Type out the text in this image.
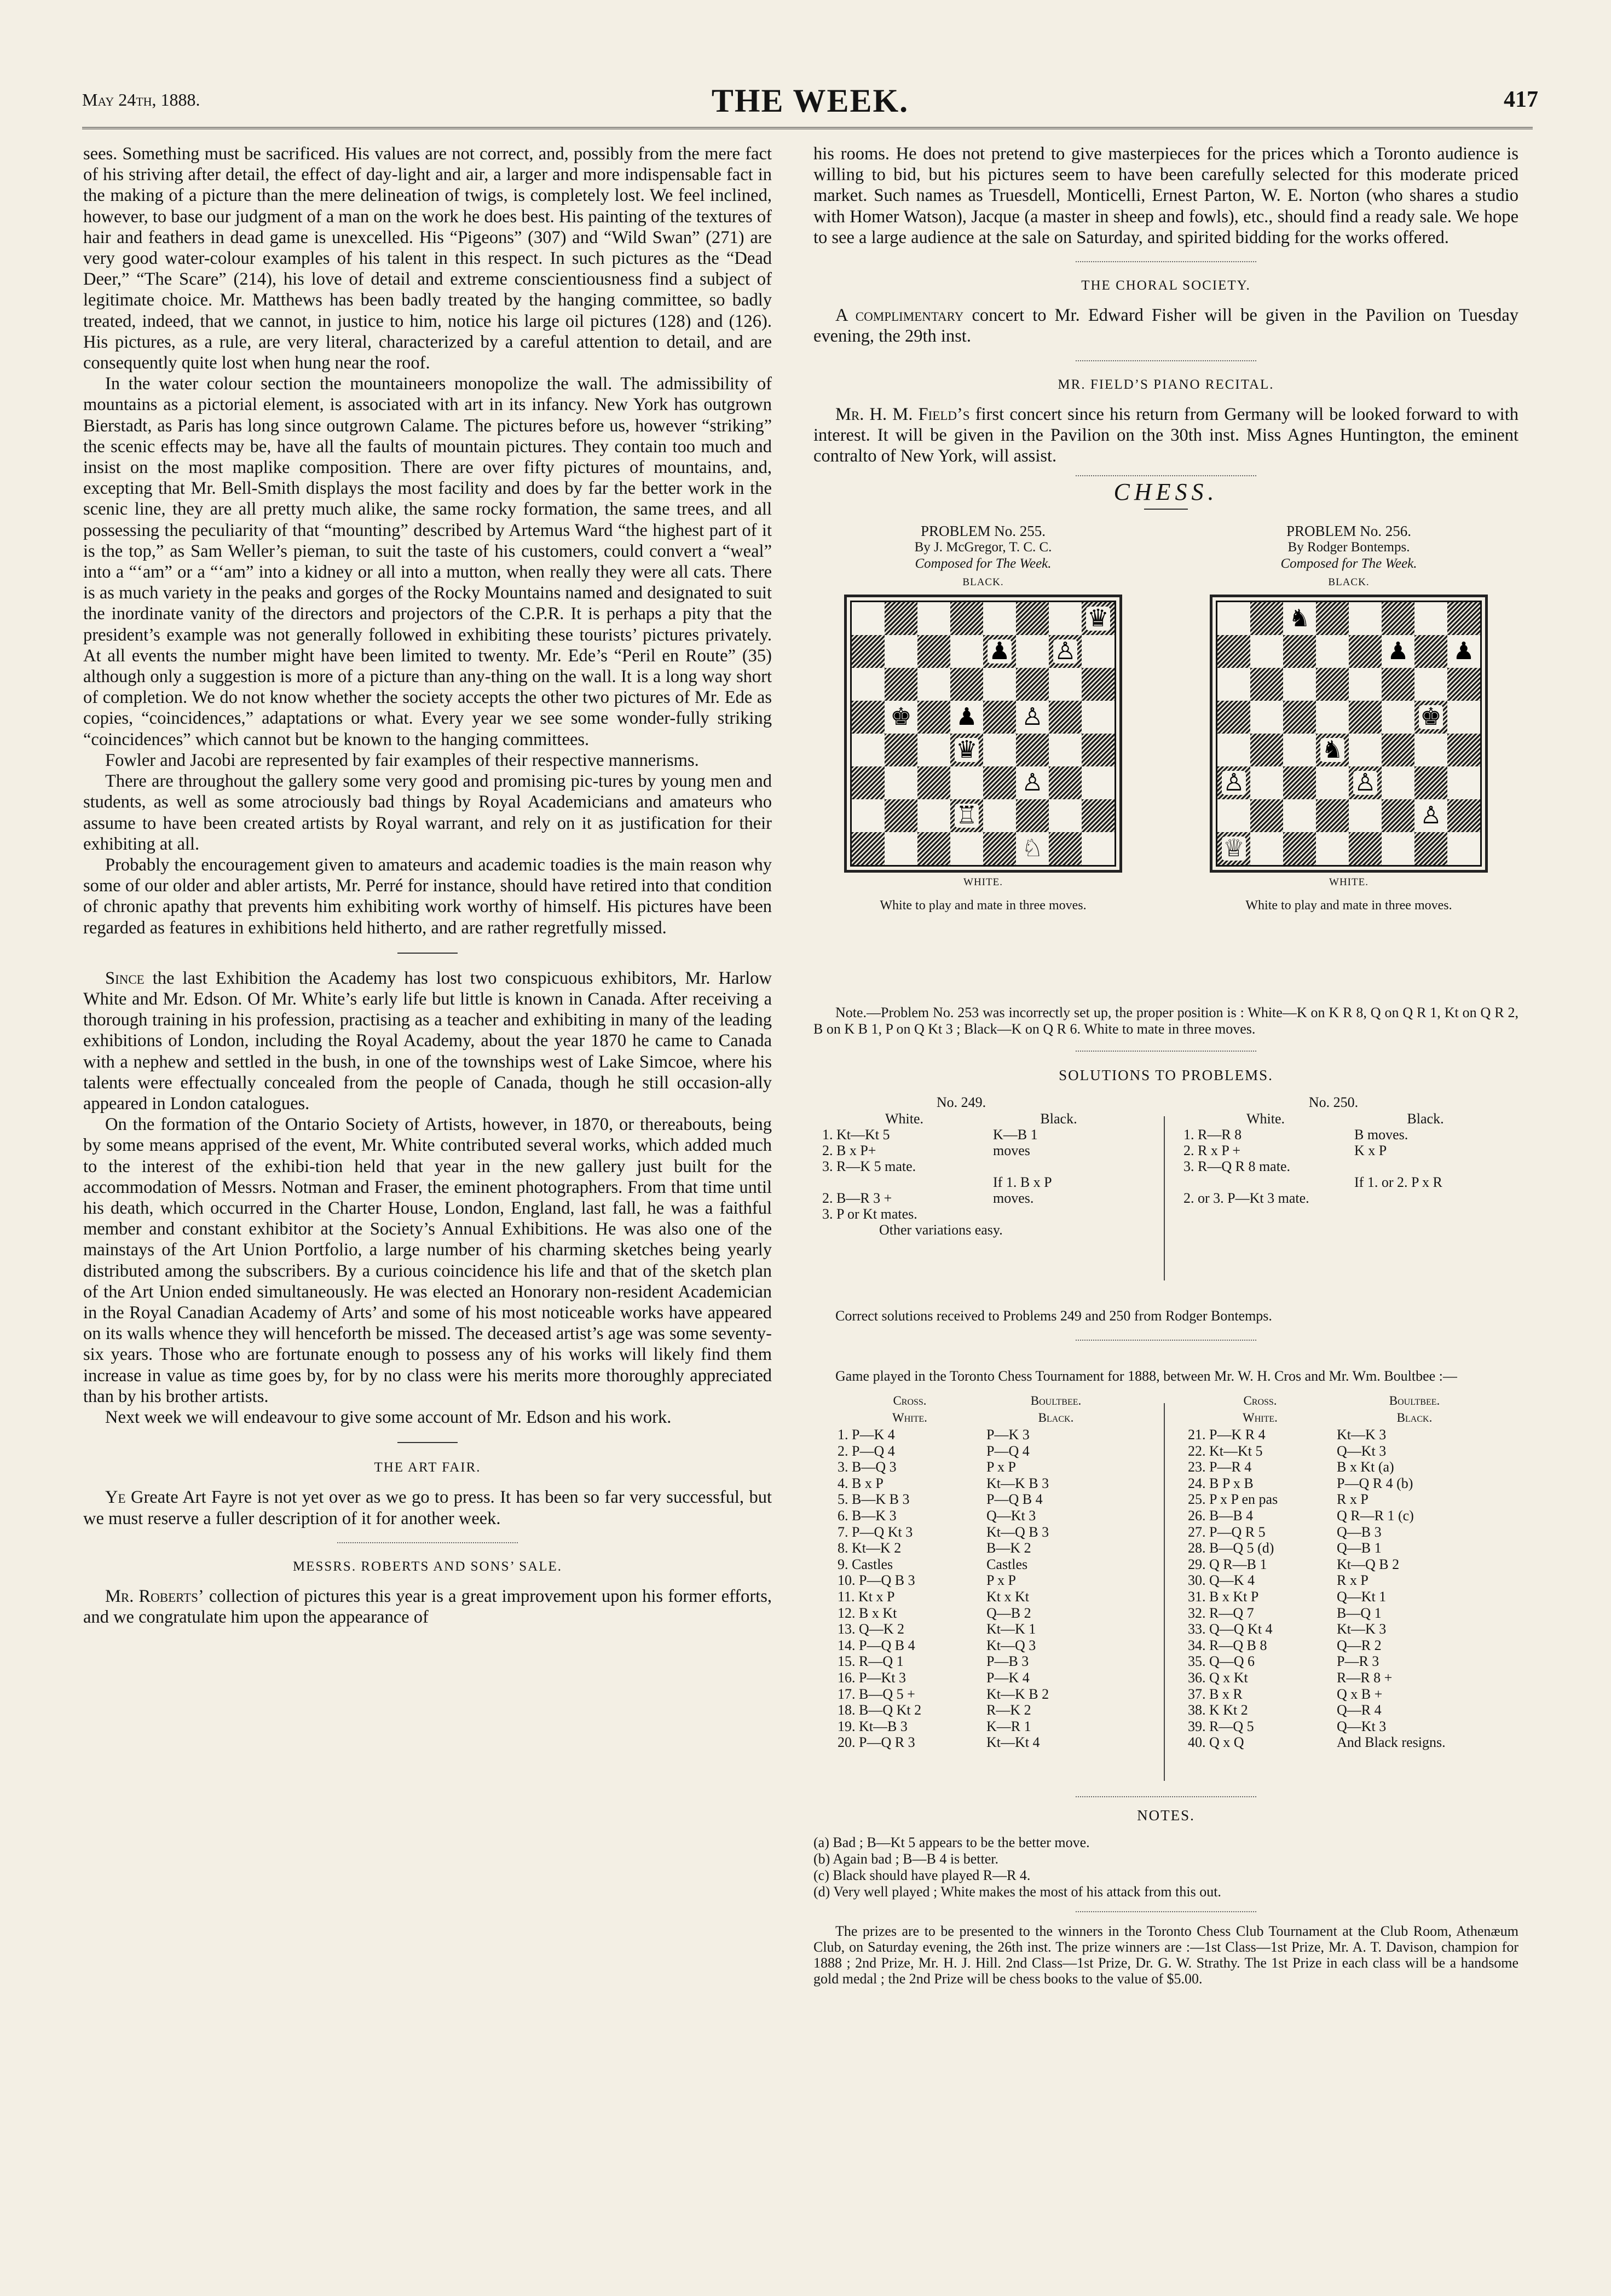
May 24th, 1888.	THE WEEK.	417

sees. Something must be sacrificed. His values are not correct, and, possibly from the mere fact of his striving after detail, the effect of day-light and air, a larger and more indispensable fact in the making of a picture than the mere delineation of twigs, is completely lost. We feel inclined, however, to base our judgment of a man on the work he does best. His painting of the textures of hair and feathers in dead game is unexcelled. His “Pigeons” (307) and “Wild Swan” (271) are very good water-colour examples of his talent in this respect. In such pictures as the “Dead Deer,” “The Scare” (214), his love of detail and extreme conscientiousness find a subject of legitimate choice. Mr. Matthews has been badly treated by the hanging committee, so badly treated, indeed, that we cannot, in justice to him, notice his large oil pictures (128) and (126). His pictures, as a rule, are very literal, characterized by a careful attention to detail, and are consequently quite lost when hung near the roof.

In the water colour section the mountaineers monopolize the wall. The admissibility of mountains as a pictorial element, is associated with art in its infancy. New York has outgrown Bierstadt, as Paris has long since outgrown Calame. The pictures before us, however “striking” the scenic effects may be, have all the faults of mountain pictures. They contain too much and insist on the most maplike composition. There are over fifty pictures of mountains, and, excepting that Mr. Bell-Smith displays the most facility and does by far the better work in the scenic line, they are all pretty much alike, the same rocky formation, the same trees, and all possessing the peculiarity of that “mounting” described by Artemus Ward “the highest part of it is the top,” as Sam Weller’s pieman, to suit the taste of his customers, could convert a “weal” into a “‘am” or a “‘am” into a kidney or all into a mutton, when really they were all cats. There is as much variety in the peaks and gorges of the Rocky Mountains named and designated to suit the inordinate vanity of the directors and projectors of the C.P.R. It is perhaps a pity that the president’s example was not generally followed in exhibiting these tourists’ pictures privately. At all events the number might have been limited to twenty. Mr. Ede’s “Peril en Route” (35) although only a suggestion is more of a picture than any-thing on the wall. It is a long way short of completion. We do not know whether the society accepts the other two pictures of Mr. Ede as copies, “coincidences,” adaptations or what. Every year we see some wonder-fully striking “coincidences” which cannot but be known to the hanging committees.

Fowler and Jacobi are represented by fair examples of their respective mannerisms.

There are throughout the gallery some very good and promising pic-tures by young men and students, as well as some atrociously bad things by Royal Academicians and amateurs who assume to have been created artists by Royal warrant, and rely on it as justification for their exhibiting at all.

Probably the encouragement given to amateurs and academic toadies is the main reason why some of our older and abler artists, Mr. Perré for instance, should have retired into that condition of chronic apathy that prevents him exhibiting work worthy of himself. His pictures have been regarded as features in exhibitions held hitherto, and are rather regretfully missed.

Since the last Exhibition the Academy has lost two conspicuous exhibitors, Mr. Harlow White and Mr. Edson. Of Mr. White’s early life but little is known in Canada. After receiving a thorough training in his profession, practising as a teacher and exhibiting in many of the leading exhibitions of London, including the Royal Academy, about the year 1870 he came to Canada with a nephew and settled in the bush, in one of the townships west of Lake Simcoe, where his talents were effectually concealed from the people of Canada, though he still occasion-ally appeared in London catalogues.

On the formation of the Ontario Society of Artists, however, in 1870, or thereabouts, being by some means apprised of the event, Mr. White contributed several works, which added much to the interest of the exhibi-tion held that year in the new gallery just built for the accommodation of Messrs. Notman and Fraser, the eminent photographers. From that time until his death, which occurred in the Charter House, London, England, last fall, he was a faithful member and constant exhibitor at the Society’s Annual Exhibitions. He was also one of the mainstays of the Art Union Portfolio, a large number of his charming sketches being yearly distributed among the subscribers. By a curious coincidence his life and that of the sketch plan of the Art Union ended simultaneously. He was elected an Honorary non-resident Academician in the Royal Canadian Academy of Arts’ and some of his most noticeable works have appeared on its walls whence they will henceforth be missed. The deceased artist’s age was some seventy-six years. Those who are fortunate enough to possess any of his works will likely find them increase in value as time goes by, for by no class were his merits more thoroughly appreciated than by his brother artists.

Next week we will endeavour to give some account of Mr. Edson and his work.

THE ART FAIR.

Ye Greate Art Fayre is not yet over as we go to press. It has been so far very successful, but we must reserve a fuller description of it for another week.

MESSRS. ROBERTS AND SONS’ SALE.

Mr. Roberts’ collection of pictures this year is a great improvement upon his former efforts, and we congratulate him upon the appearance of

his rooms. He does not pretend to give masterpieces for the prices which a Toronto audience is willing to bid, but his pictures seem to have been carefully selected for this moderate priced market. Such names as Truesdell, Monticelli, Ernest Parton, W. E. Norton (who shares a studio with Homer Watson), Jacque (a master in sheep and fowls), etc., should find a ready sale. We hope to see a large audience at the sale on Saturday, and spirited bidding for the works offered.

THE CHORAL SOCIETY.

A complimentary concert to Mr. Edward Fisher will be given in the Pavilion on Tuesday evening, the 29th inst.

MR. FIELD’S PIANO RECITAL.

Mr. H. M. Field’s first concert since his return from Germany will be looked forward to with interest. It will be given in the Pavilion on the 30th inst. Miss Agnes Huntington, the eminent contralto of New York, will assist.

CHESS.
PROBLEM No. 255.
By J. McGregor, T. C. C.
Composed for The Week.
BLACK.
♛
♟ ♙
♚ ♟ ♙
♛
♙
♖
♘
WHITE.
White to play and mate in three moves.
PROBLEM No. 256.
By Rodger Bontemps.
Composed for The Week.
BLACK.
♞
♟ ♟
♚
♞
♙	♙
♙
♕
WHITE.
White to play and mate in three moves.

Note.—Problem No. 253 was incorrectly set up, the proper position is : White—K on K R 8, Q on Q R 1, Kt on Q R 2, B on K B 1, P on Q Kt 3 ; Black—K on Q R 6. White to mate in three moves.

SOLUTIONS TO PROBLEMS.
No. 249.
White.	Black.
1. Kt—Kt 5	K—B 1
2. B x P+	moves
3. R—K 5 mate.	
	If 1. B x P
2. B—R 3 +	moves.
3. P or Kt mates.	
Other variations easy.
No. 250.
White.	Black.
1. R—R 8	B moves.
2. R x P +	K x P
3. R—Q R 8 mate.	
	If 1. or 2. P x R
2. or 3. P—Kt 3 mate.	

Correct solutions received to Problems 249 and 250 from Rodger Bontemps.

Game played in the Toronto Chess Tournament for 1888, between Mr. W. H. Cros and Mr. Wm. Boultbee :—

Cross.	Boultbee.
White.	Black.
1. P—K 4	P—K 3
2. P—Q 4	P—Q 4
3. B—Q 3	P x P
4. B x P	Kt—K B 3
5. B—K B 3	P—Q B 4
6. B—K 3	Q—Kt 3
7. P—Q Kt 3	Kt—Q B 3
8. Kt—K 2	B—K 2
9. Castles	Castles
10. P—Q B 3	P x P
11. Kt x P	Kt x Kt
12. B x Kt	Q—B 2
13. Q—K 2	Kt—K 1
14. P—Q B 4	Kt—Q 3
15. R—Q 1	P—B 3
16. P—Kt 3	P—K 4
17. B—Q 5 +	Kt—K B 2
18. B—Q Kt 2	R—K 2
19. Kt—B 3	K—R 1
20. P—Q R 3	Kt—Kt 4
Cross.	Boultbee.
White.	Black.
21. P—K R 4	Kt—K 3
22. Kt—Kt 5	Q—Kt 3
23. P—R 4	B x Kt (a)
24. B P x B	P—Q R 4 (b)
25. P x P en pas	R x P
26. B—B 4	Q R—R 1 (c)
27. P—Q R 5	Q—B 3
28. B—Q 5 (d)	Q—B 1
29. Q R—B 1	Kt—Q B 2
30. Q—K 4	R x P
31. B x Kt P	Q—Kt 1
32. R—Q 7	B—Q 1
33. Q—Q Kt 4	Kt—K 3
34. R—Q B 8	Q—R 2
35. Q—Q 6	P—R 3
36. Q x Kt	R—R 8 +
37. B x R	Q x B +
38. K Kt 2	Q—R 4
39. R—Q 5	Q—Kt 3
40. Q x Q	And Black resigns.
NOTES.
(a) Bad ; B—Kt 5 appears to be the better move.
(b) Again bad ; B—B 4 is better.
(c) Black should have played R—R 4.
(d) Very well played ; White makes the most of his attack from this out.

The prizes are to be presented to the winners in the Toronto Chess Club Tournament at the Club Room, Athenæum Club, on Saturday evening, the 26th inst. The prize winners are :—1st Class—1st Prize, Mr. A. T. Davison, champion for 1888 ; 2nd Prize, Mr. H. J. Hill. 2nd Class—1st Prize, Dr. G. W. Strathy. The 1st Prize in each class will be a handsome gold medal ; the 2nd Prize will be chess books to the value of $5.00.
